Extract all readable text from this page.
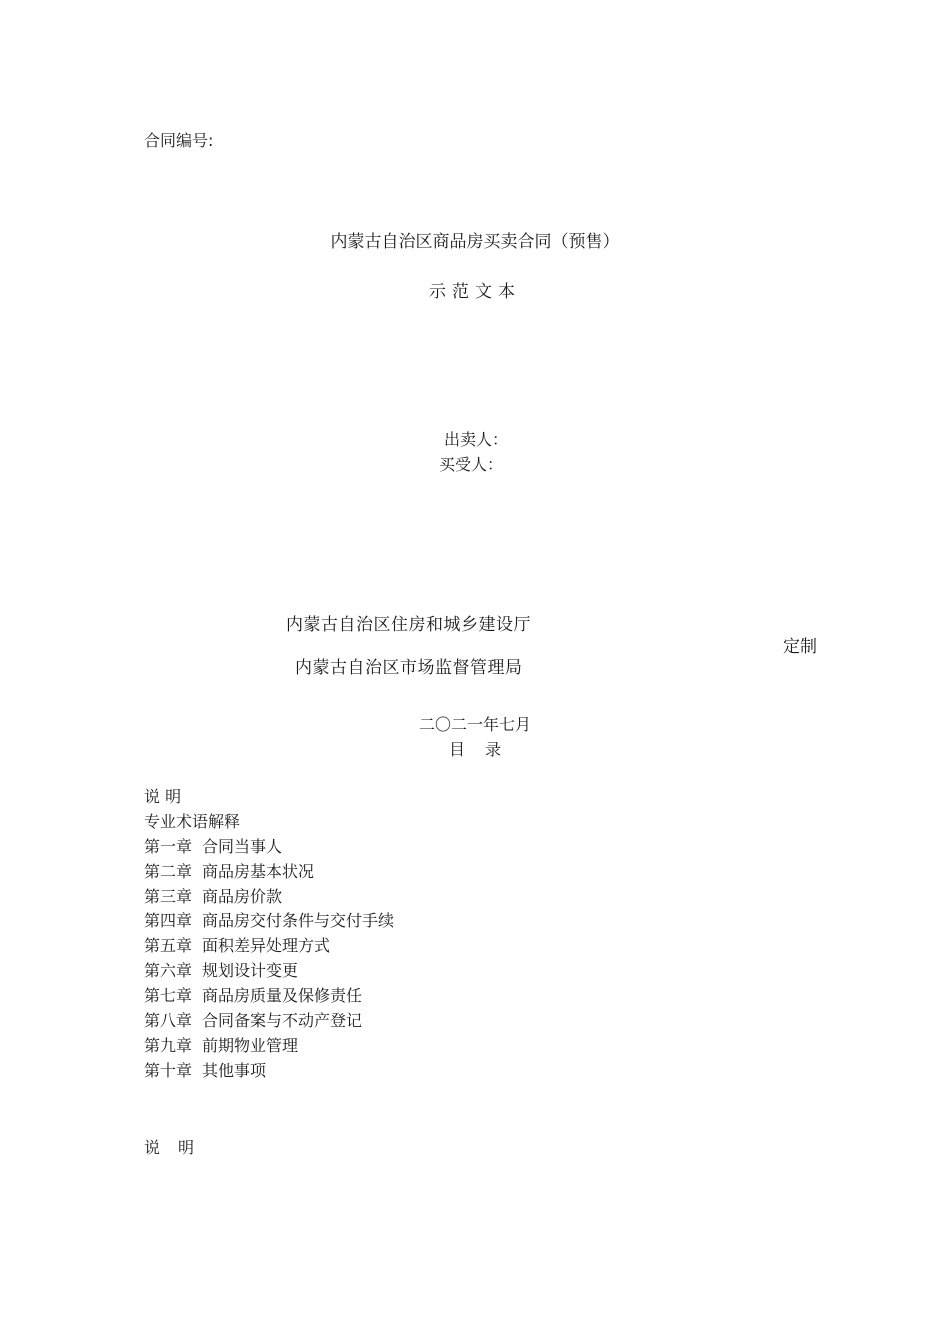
合同编号:
内蒙古自治区商品房买卖合同（预售）
示范文本
出卖人：
买受人：
内蒙古自治区住房和城乡建设厅
内蒙古自治区市场监督管理局
定制
二〇二一年七月
目录
说 明
专业术语解释
第一章 合同当事人
第二章 商品房基本状况
第三章 商品房价款
第四章 商品房交付条件与交付手续
第五章 面积差异处理方式
第六章 规划设计变更
第七章 商品房质量及保修责任
第八章 合同备案与不动产登记
第九章 前期物业管理
第十章 其他事项
说明
